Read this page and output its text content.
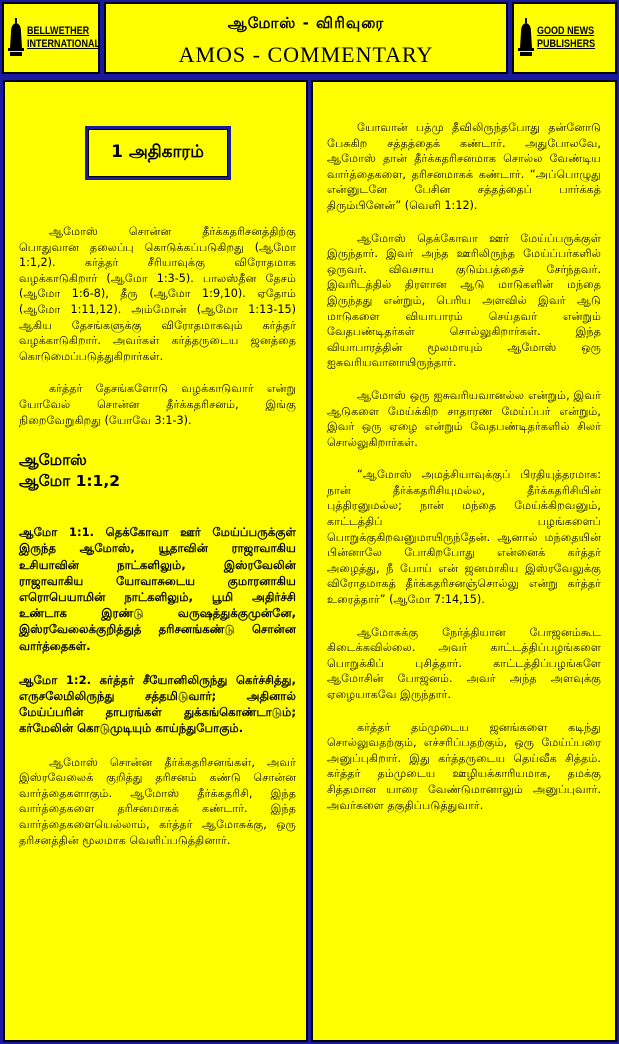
BELLWETHER
INTERNATIONAL
ஆமோஸ் - விரிவுரை
AMOS - COMMENTARY
GOOD NEWS
PUBLISHERS
1 அதிகாரம்

ஆமோஸ் சொன்ன தீர்க்கதரிசனத்திற்கு பொதுவான தலைப்பு கொடுக்கப்படுகிறது (ஆமோ 1:1,2). கர்த்தர் சீரியாவுக்கு விரோதமாக வழக்காடுகிறார் (ஆமோ 1:3-5). பாலஸ்தீன தேசம் (ஆமோ 1:6-8), தீரு (ஆமோ 1:9,10). ஏதோம் (ஆமோ 1:11,12). அம்மோன் (ஆமோ 1:13-15) ஆகிய தேசங்களுக்கு விரோதமாகவும் கர்த்தர் வழக்காடுகிறார். அவர்கள் கர்த்தருடைய ஜனத்தை கொடுமைப்படுத்துகிறார்கள்.

கர்த்தர் தேசங்களோடு வழக்காடுவார் என்று யோவேல் சொன்ன தீர்க்கதரிசனம், இங்கு நிறைவேறுகிறது (யோவே 3:1-3).

ஆமோஸ்
ஆமோ 1:1,2

ஆமோ 1:1. தெக்கோவா ஊர் மேய்ப்பருக்குள் இருந்த ஆமோஸ், யூதாவின் ராஜாவாகிய உசியாவின் நாட்களிலும், இஸ்ரவேலின் ராஜாவாகிய யோவாசுடைய குமாரனாகிய எரொபெயாமின் நாட்களிலும், பூமி அதிர்ச்சி உண்டாக இரண்டு வருஷத்துக்குமுன்னே, இஸ்ரவேலைக்குறித்துத் தரிசனங்கண்டு சொன்ன வார்த்தைகள்.

ஆமோ 1:2. கர்த்தர் சீயோனிலிருந்து கெர்ச்சித்து, எருசலேமிலிருந்து சத்தமிடுவார்; அதினால் மேய்ப்பரின் தாபரங்கள் துக்கங்கொண்டாடும்; கர்மேலின் கொடுமுடியும் காய்ந்துபோகும்.

ஆமோஸ் சொன்ன தீர்க்கதரிசனங்கள், அவர் இஸ்ரவேலைக் குறித்து தரிசனம் கண்டு சொன்ன வார்த்தைகளாகும். ஆமோஸ் தீர்க்கதரிசி, இந்த வார்த்தைகளை தரிசனமாகக் கண்டார். இந்த வார்த்தைகளையெல்லாம், கர்த்தர் ஆமோசுக்கு, ஒரு தரிசனத்தின் மூலமாக வெளிப்படுத்தினார்.

யோவான் பத்மு தீவிலிருந்தபோது தன்னோடு பேசுகிற சத்தத்தைக் கண்டார். அதுபோலவே, ஆமோஸ் தான் தீர்க்கதரிசனமாக சொல்ல வேண்டிய வார்த்தைகளை, தரிசனமாகக் கண்டார். “அப்பொழுது என்னுடனே பேசின சத்தத்தைப் பார்க்கத் திரும்பினேன்” (வெளி 1:12).

ஆமோஸ் தெக்கோவா ஊர் மேய்ப்பருக்குள் இருந்தார். இவர் அந்த ஊரிலிருந்த மேய்ப்பர்களில் ஒருவர். விவசாய குடும்பத்தைச் சேர்ந்தவர். இவரிடத்தில் திரளான ஆடு மாடுகளின் மந்தை இருந்தது என்றும், பெரிய அளவில் இவர் ஆடு மாடுகளை வியாபாரம் செய்தவர் என்றும் வேதபண்டிதர்கள் சொல்லுகிறார்கள். இந்த வியாபாரத்தின் மூலமாயும் ஆமோஸ் ஒரு ஐசுவரியவானாயிருந்தார்.

ஆமோஸ் ஒரு ஐசுவரியவானல்ல என்றும், இவர் ஆடுகளை மேய்க்கிற சாதாரண மேய்ப்பர் என்றும், இவர் ஒரு ஏழை என்றும் வேதபண்டிதர்களில் சிலர் சொல்லுகிறார்கள்.

“ஆமோஸ் அமத்சியாவுக்குப் பிரதியுத்தரமாக: நான் தீர்க்கதரிசியுமல்ல, தீர்க்கதரிசியின் புத்திரனுமல்ல; நான் மந்தை மேய்க்கிறவனும், காட்டத்திப் பழங்களைப் பொறுக்குகிறவனுமாயிருந்தேன். ஆனால் மந்தையின் பின்னாலே போகிறபோது என்னைக் கர்த்தர் அழைத்து, நீ போய் என் ஜனமாகிய இஸ்ரவேலுக்கு விரோதமாகத் தீர்க்கதரிசனஞ்சொல்லு என்று கர்த்தர் உரைத்தார்” (ஆமோ 7:14,15).

ஆமோசுக்கு நேர்த்தியான போஜனம்கூட கிடைக்கவில்லை. அவர் காட்டத்திப்பழங்களை பொறுக்கிப் புசித்தார். காட்டத்திப்பழங்களே ஆமோசின் போஜனம். அவர் அந்த அளவுக்கு ஏழையாகவே இருந்தார்.

கர்த்தர் தம்முடைய ஜனங்களை கடிந்து சொல்லுவதற்கும், எச்சரிப்பதற்கும், ஒரு மேய்ப்பரை அனுப்புகிறார். இது கர்த்தருடைய தெய்வீக சித்தம். கர்த்தர் தம்முடைய ஊழியக்காரியமாக, தமக்கு சித்தமான யாரை வேண்டுமானாலும் அனுப்புவார். அவர்களை தகுதிப்படுத்துவார்.
